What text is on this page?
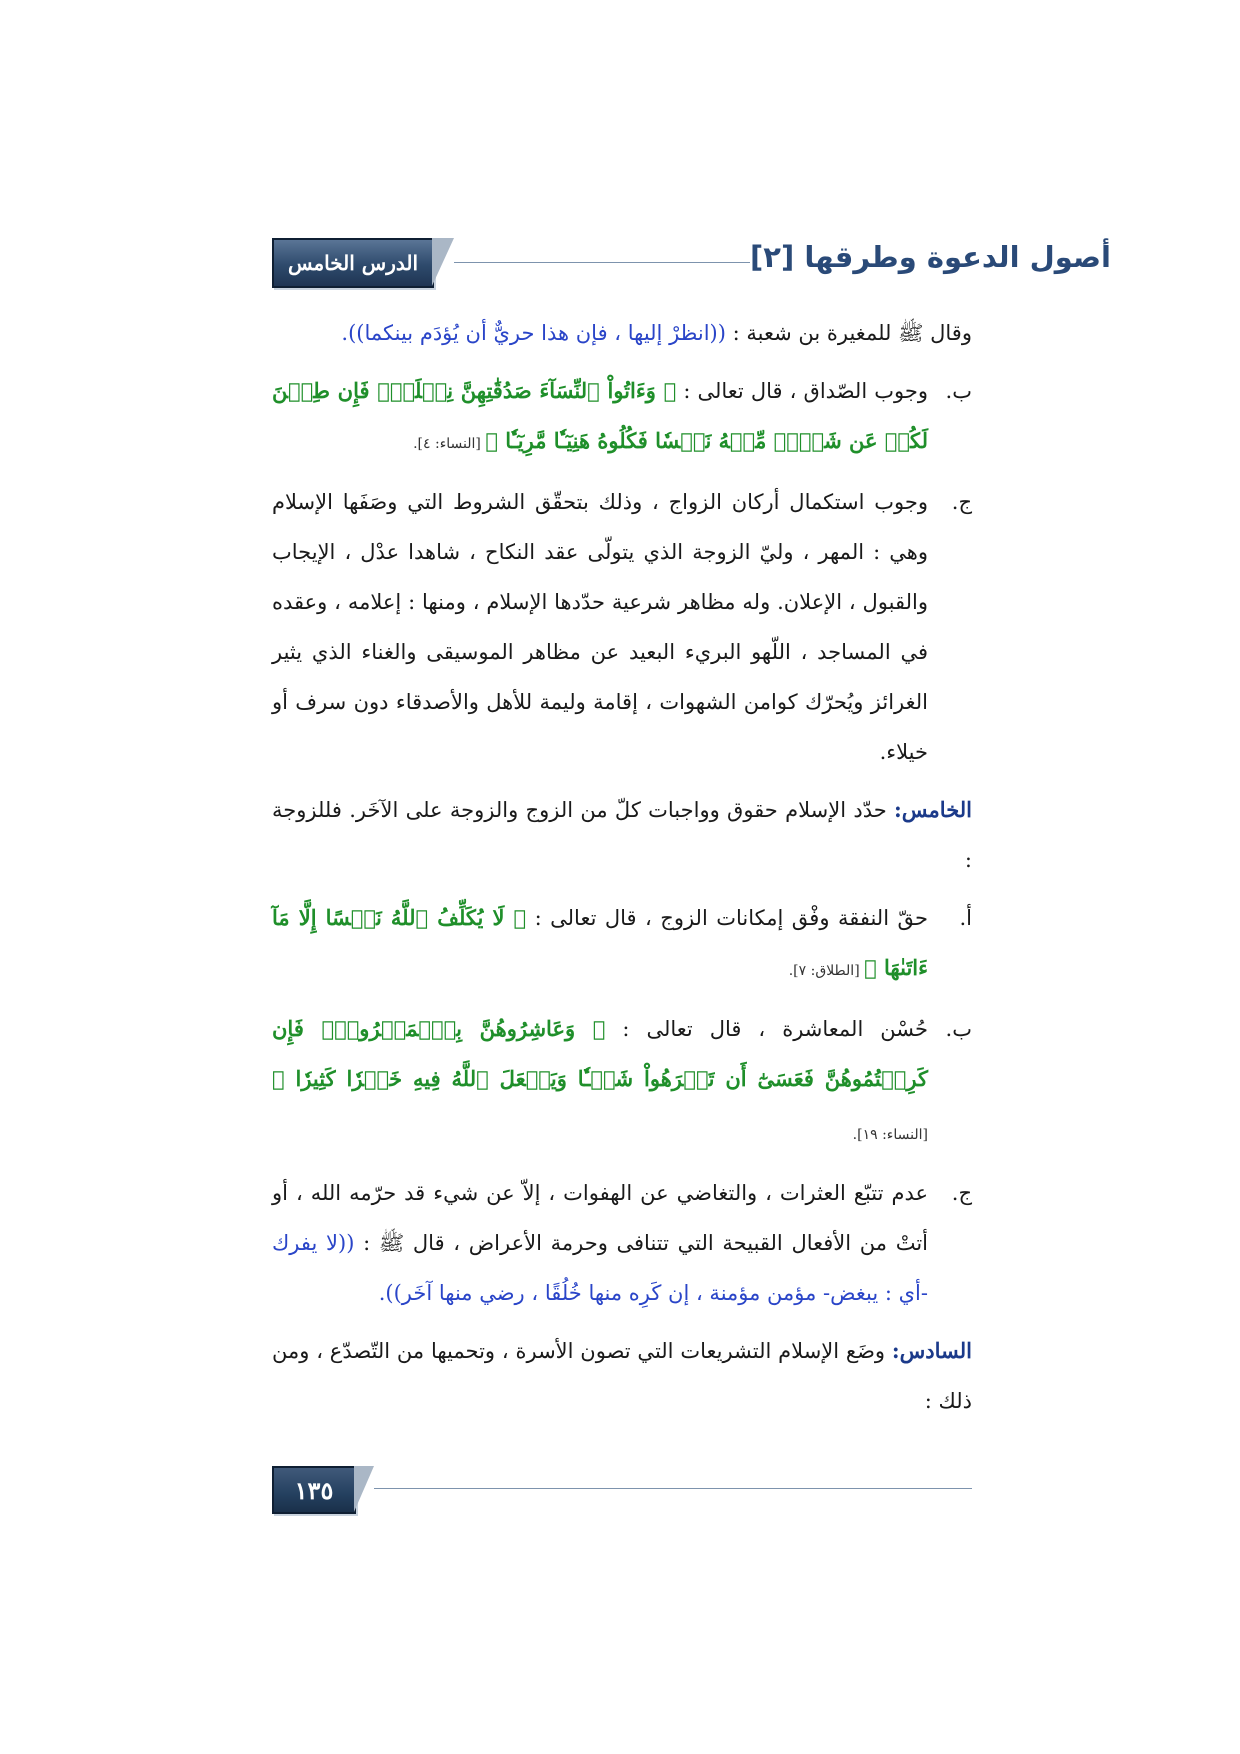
الدرس الخامس	أصول الدعوة وطرقها [٢]

وقال ﷺ للمغيرة بن شعبة : ((انظرْ إليها ، فإن هذا حريٌّ أن يُؤدَم بينكما)).

ب.
وجوب الصّداق ، قال تعالى : ﴿ وَءَاتُواْ ٱلنِّسَآءَ صَدُقَٰتِهِنَّ نِحۡلَةٗۚ فَإِن طِبۡنَ لَكُمۡ عَن شَيۡءٖ مِّنۡهُ نَفۡسٗا فَكُلُوهُ هَنِيٓـٔٗا مَّرِيٓـٔٗا ﴾ [النساء: ٤].
ج.
وجوب استكمال أركان الزواج ، وذلك بتحقّق الشروط التي وصَفَها الإسلام وهي : المهر ، وليّ الزوجة الذي يتولّى عقد النكاح ، شاهدا عدْل ، الإيجاب والقبول ، الإعلان. وله مظاهر شرعية حدّدها الإسلام ، ومنها : إعلامه ، وعقده في المساجد ، اللّهو البريء البعيد عن مظاهر الموسيقى والغناء الذي يثير الغرائز ويُحرّك كوامن الشهوات ، إقامة وليمة للأهل والأصدقاء دون سرف أو خيلاء.

الخامس: حدّد الإسلام حقوق وواجبات كلّ من الزوج والزوجة على الآخَر. فللزوجة :

أ.
حقّ النفقة وفْق إمكانات الزوج ، قال تعالى : ﴿ لَا يُكَلِّفُ ٱللَّهُ نَفۡسًا إِلَّا مَآ ءَاتَىٰهَا ﴾ [الطلاق: ٧].
ب.
حُسْن المعاشرة ، قال تعالى : ﴿ وَعَاشِرُوهُنَّ بِٱلۡمَعۡرُوفِۚ فَإِن كَرِهۡتُمُوهُنَّ فَعَسَىٰٓ أَن تَكۡرَهُواْ شَيۡـٔٗا وَيَجۡعَلَ ٱللَّهُ فِيهِ خَيۡرٗا كَثِيرٗا ﴾ [النساء: ١٩].
ج.
عدم تتبّع العثرات ، والتغاضي عن الهفوات ، إلاّ عن شيء قد حرّمه الله ، أو أتتْ من الأفعال القبيحة التي تتنافى وحرمة الأعراض ، قال ﷺ : ((لا يفرك -أي : يبغض- مؤمن مؤمنة ، إن كَرِه منها خُلُقًا ، رضي منها آخَر)).

السادس: وضَع الإسلام التشريعات التي تصون الأسرة ، وتحميها من التّصدّع ، ومن ذلك :

١٣٥
